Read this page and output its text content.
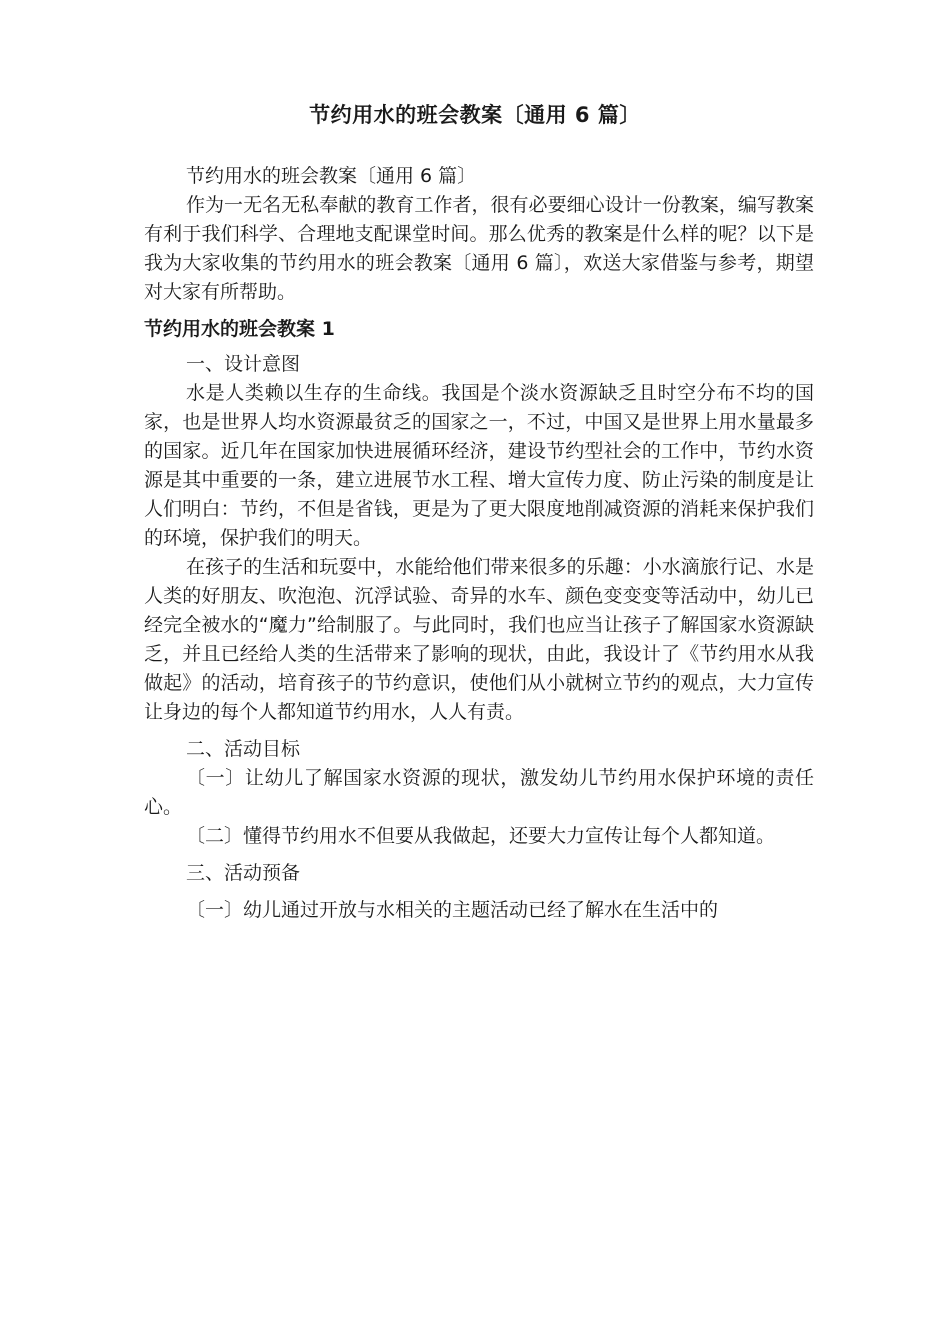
节约用水的班会教案〔通用 6 篇〕

节约用水的班会教案〔通用 6 篇〕

作为一无名无私奉献的教育工作者，很有必要细心设计一份教案，编写教案有利于我们科学、合理地支配课堂时间。那么优秀的教案是什么样的呢？以下是我为大家收集的节约用水的班会教案〔通用 6 篇〕，欢送大家借鉴与参考，期望对大家有所帮助。

节约用水的班会教案 1

一、设计意图

水是人类赖以生存的生命线。我国是个淡水资源缺乏且时空分布不均的国家，也是世界人均水资源最贫乏的国家之一，不过，中国又是世界上用水量最多的国家。近几年在国家加快进展循环经济，建设节约型社会的工作中，节约水资源是其中重要的一条，建立进展节水工程、增大宣传力度、防止污染的制度是让人们明白：节约，不但是省钱，更是为了更大限度地削减资源的消耗来保护我们的环境，保护我们的明天。

在孩子的生活和玩耍中，水能给他们带来很多的乐趣：小水滴旅行记、水是人类的好朋友、吹泡泡、沉浮试验、奇异的水车、颜色变变变等活动中，幼儿已经完全被水的“魔力”给制服了。与此同时，我们也应当让孩子了解国家水资源缺乏，并且已经给人类的生活带来了影响的现状，由此，我设计了《节约用水从我做起》的活动，培育孩子的节约意识，使他们从小就树立节约的观点，大力宣传让身边的每个人都知道节约用水，人人有责。

二、活动目标

〔一〕让幼儿了解国家水资源的现状，激发幼儿节约用水保护环境的责任心。

〔二〕懂得节约用水不但要从我做起，还要大力宣传让每个人都知道。

三、活动预备

〔一〕幼儿通过开放与水相关的主题活动已经了解水在生活中的
